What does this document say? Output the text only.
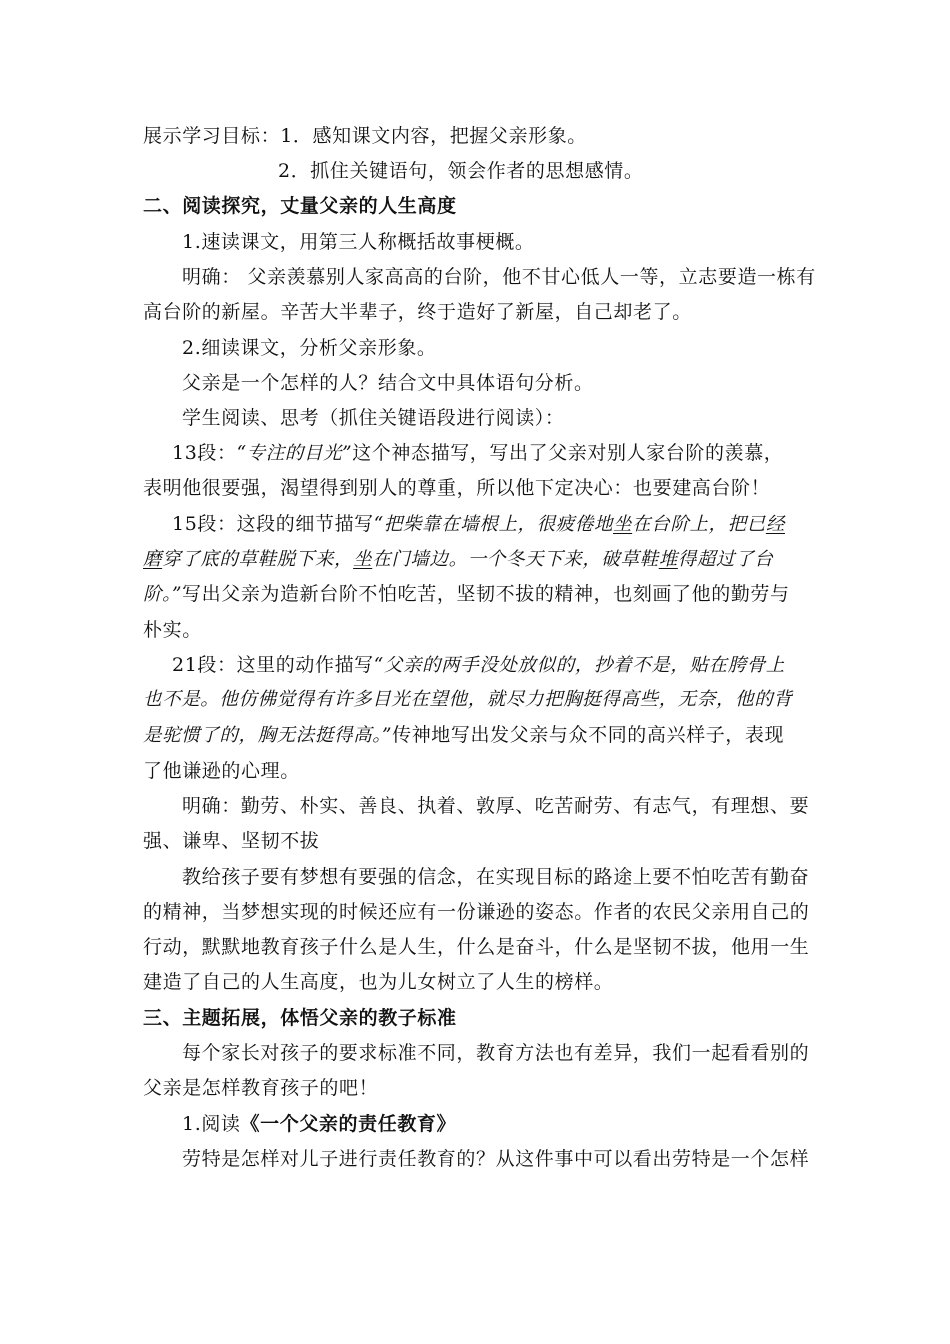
展示学习目标：1．感知课文内容，把握父亲形象。
2．抓住关键语句，领会作者的思想感情。
二、阅读探究，丈量父亲的人生高度
1.速读课文，用第三人称概括故事梗概。
明确： 父亲羡慕别人家高高的台阶，他不甘心低人一等，立志要造一栋有
高台阶的新屋。辛苦大半辈子，终于造好了新屋，自己却老了。
2.细读课文，分析父亲形象。
父亲是一个怎样的人？结合文中具体语句分析。
学生阅读、思考（抓住关键语段进行阅读）：
13段：“专注的目光”这个神态描写，写出了父亲对别人家台阶的羡慕，
表明他很要强，渴望得到别人的尊重，所以他下定决心：也要建高台阶！
15段：这段的细节描写“把柴靠在墙根上，很疲倦地坐在台阶上，把已经
磨穿了底的草鞋脱下来，坐在门墙边。一个冬天下来，破草鞋堆得超过了台
阶。”写出父亲为造新台阶不怕吃苦，坚韧不拔的精神，也刻画了他的勤劳与
朴实。
21段：这里的动作描写“父亲的两手没处放似的，抄着不是，贴在胯骨上
也不是。他仿佛觉得有许多目光在望他，就尽力把胸挺得高些，无奈，他的背
是驼惯了的，胸无法挺得高。”传神地写出发父亲与众不同的高兴样子，表现
了他谦逊的心理。
明确：勤劳、朴实、善良、执着、敦厚、吃苦耐劳、有志气，有理想、要
强、谦卑、坚韧不拔
教给孩子要有梦想有要强的信念，在实现目标的路途上要不怕吃苦有勤奋
的精神，当梦想实现的时候还应有一份谦逊的姿态。作者的农民父亲用自己的
行动，默默地教育孩子什么是人生，什么是奋斗，什么是坚韧不拔，他用一生
建造了自己的人生高度，也为儿女树立了人生的榜样。
三、主题拓展，体悟父亲的教子标准
每个家长对孩子的要求标准不同，教育方法也有差异，我们一起看看别的
父亲是怎样教育孩子的吧！
1.阅读《一个父亲的责任教育》
劳特是怎样对儿子进行责任教育的？从这件事中可以看出劳特是一个怎样
